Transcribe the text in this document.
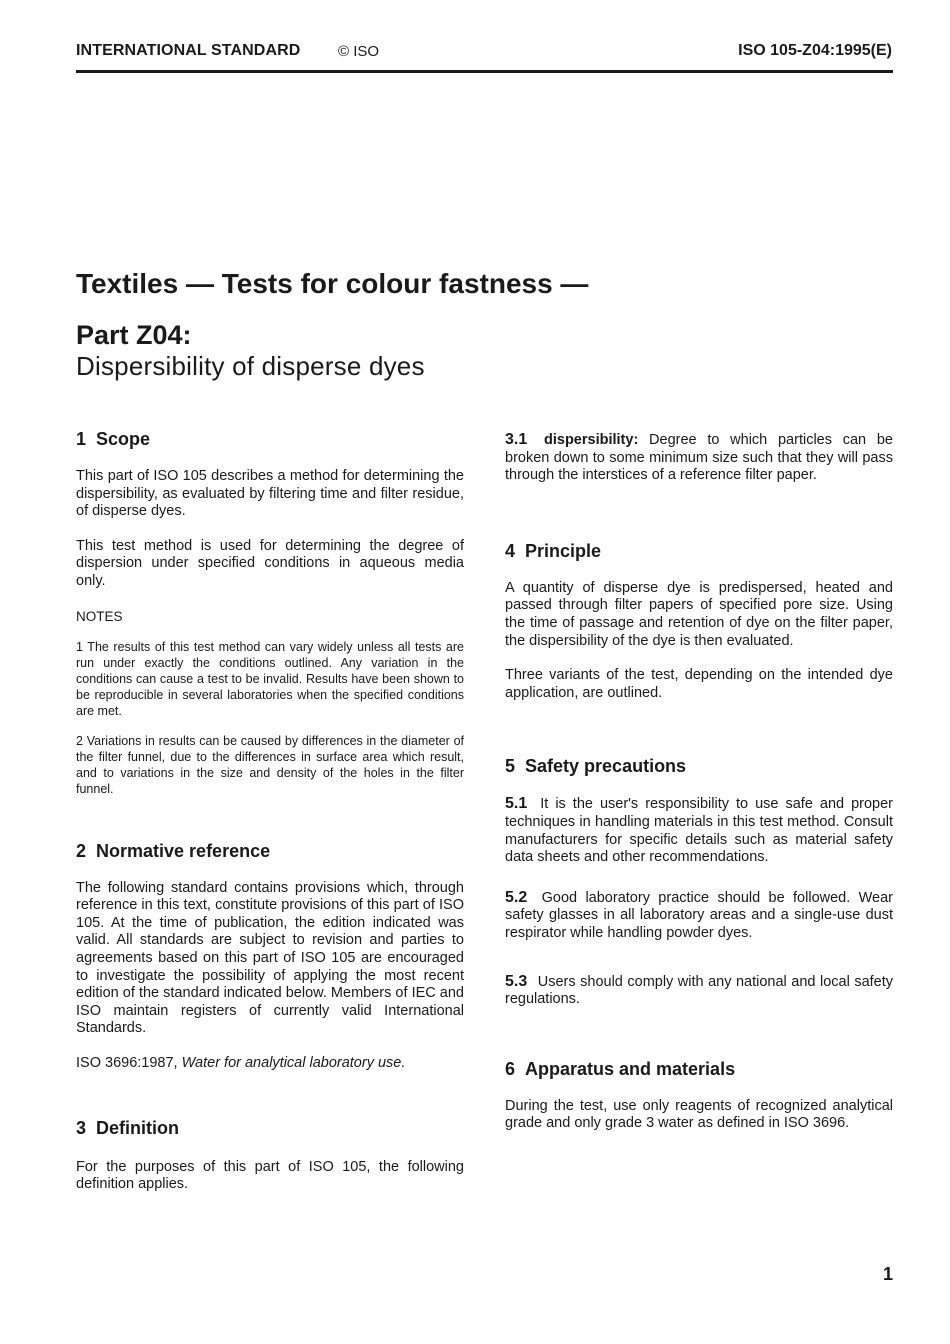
INTERNATIONAL STANDARD	© ISO	ISO 105-Z04:1995(E)
Textiles — Tests for colour fastness —
Part Z04:
Dispersibility of disperse dyes
1 Scope

This part of ISO 105 describes a method for determining the dispersibility, as evaluated by filtering time and filter residue, of disperse dyes.

This test method is used for determining the degree of dispersion under specified conditions in aqueous media only.

NOTES

1 The results of this test method can vary widely unless all tests are run under exactly the conditions outlined. Any variation in the conditions can cause a test to be invalid. Results have been shown to be reproducible in several laboratories when the specified conditions are met.

2 Variations in results can be caused by differences in the diameter of the filter funnel, due to the differences in surface area which result, and to variations in the size and density of the holes in the filter funnel.

2 Normative reference

The following standard contains provisions which, through reference in this text, constitute provisions of this part of ISO 105. At the time of publication, the edition indicated was valid. All standards are subject to revision and parties to agreements based on this part of ISO 105 are encouraged to investigate the possibility of applying the most recent edition of the standard indicated below. Members of IEC and ISO maintain registers of currently valid International Standards.

ISO 3696:1987, Water for analytical laboratory use.

3 Definition

For the purposes of this part of ISO 105, the following definition applies.

3.1 dispersibility: Degree to which particles can be broken down to some minimum size such that they will pass through the interstices of a reference filter paper.

4 Principle

A quantity of disperse dye is predispersed, heated and passed through filter papers of specified pore size. Using the time of passage and retention of dye on the filter paper, the dispersibility of the dye is then evaluated.

Three variants of the test, depending on the intended dye application, are outlined.

5 Safety precautions

5.1 It is the user's responsibility to use safe and proper techniques in handling materials in this test method. Consult manufacturers for specific details such as material safety data sheets and other recommendations.

5.2 Good laboratory practice should be followed. Wear safety glasses in all laboratory areas and a single-use dust respirator while handling powder dyes.

5.3 Users should comply with any national and local safety regulations.

6 Apparatus and materials

During the test, use only reagents of recognized analytical grade and only grade 3 water as defined in ISO 3696.

1
